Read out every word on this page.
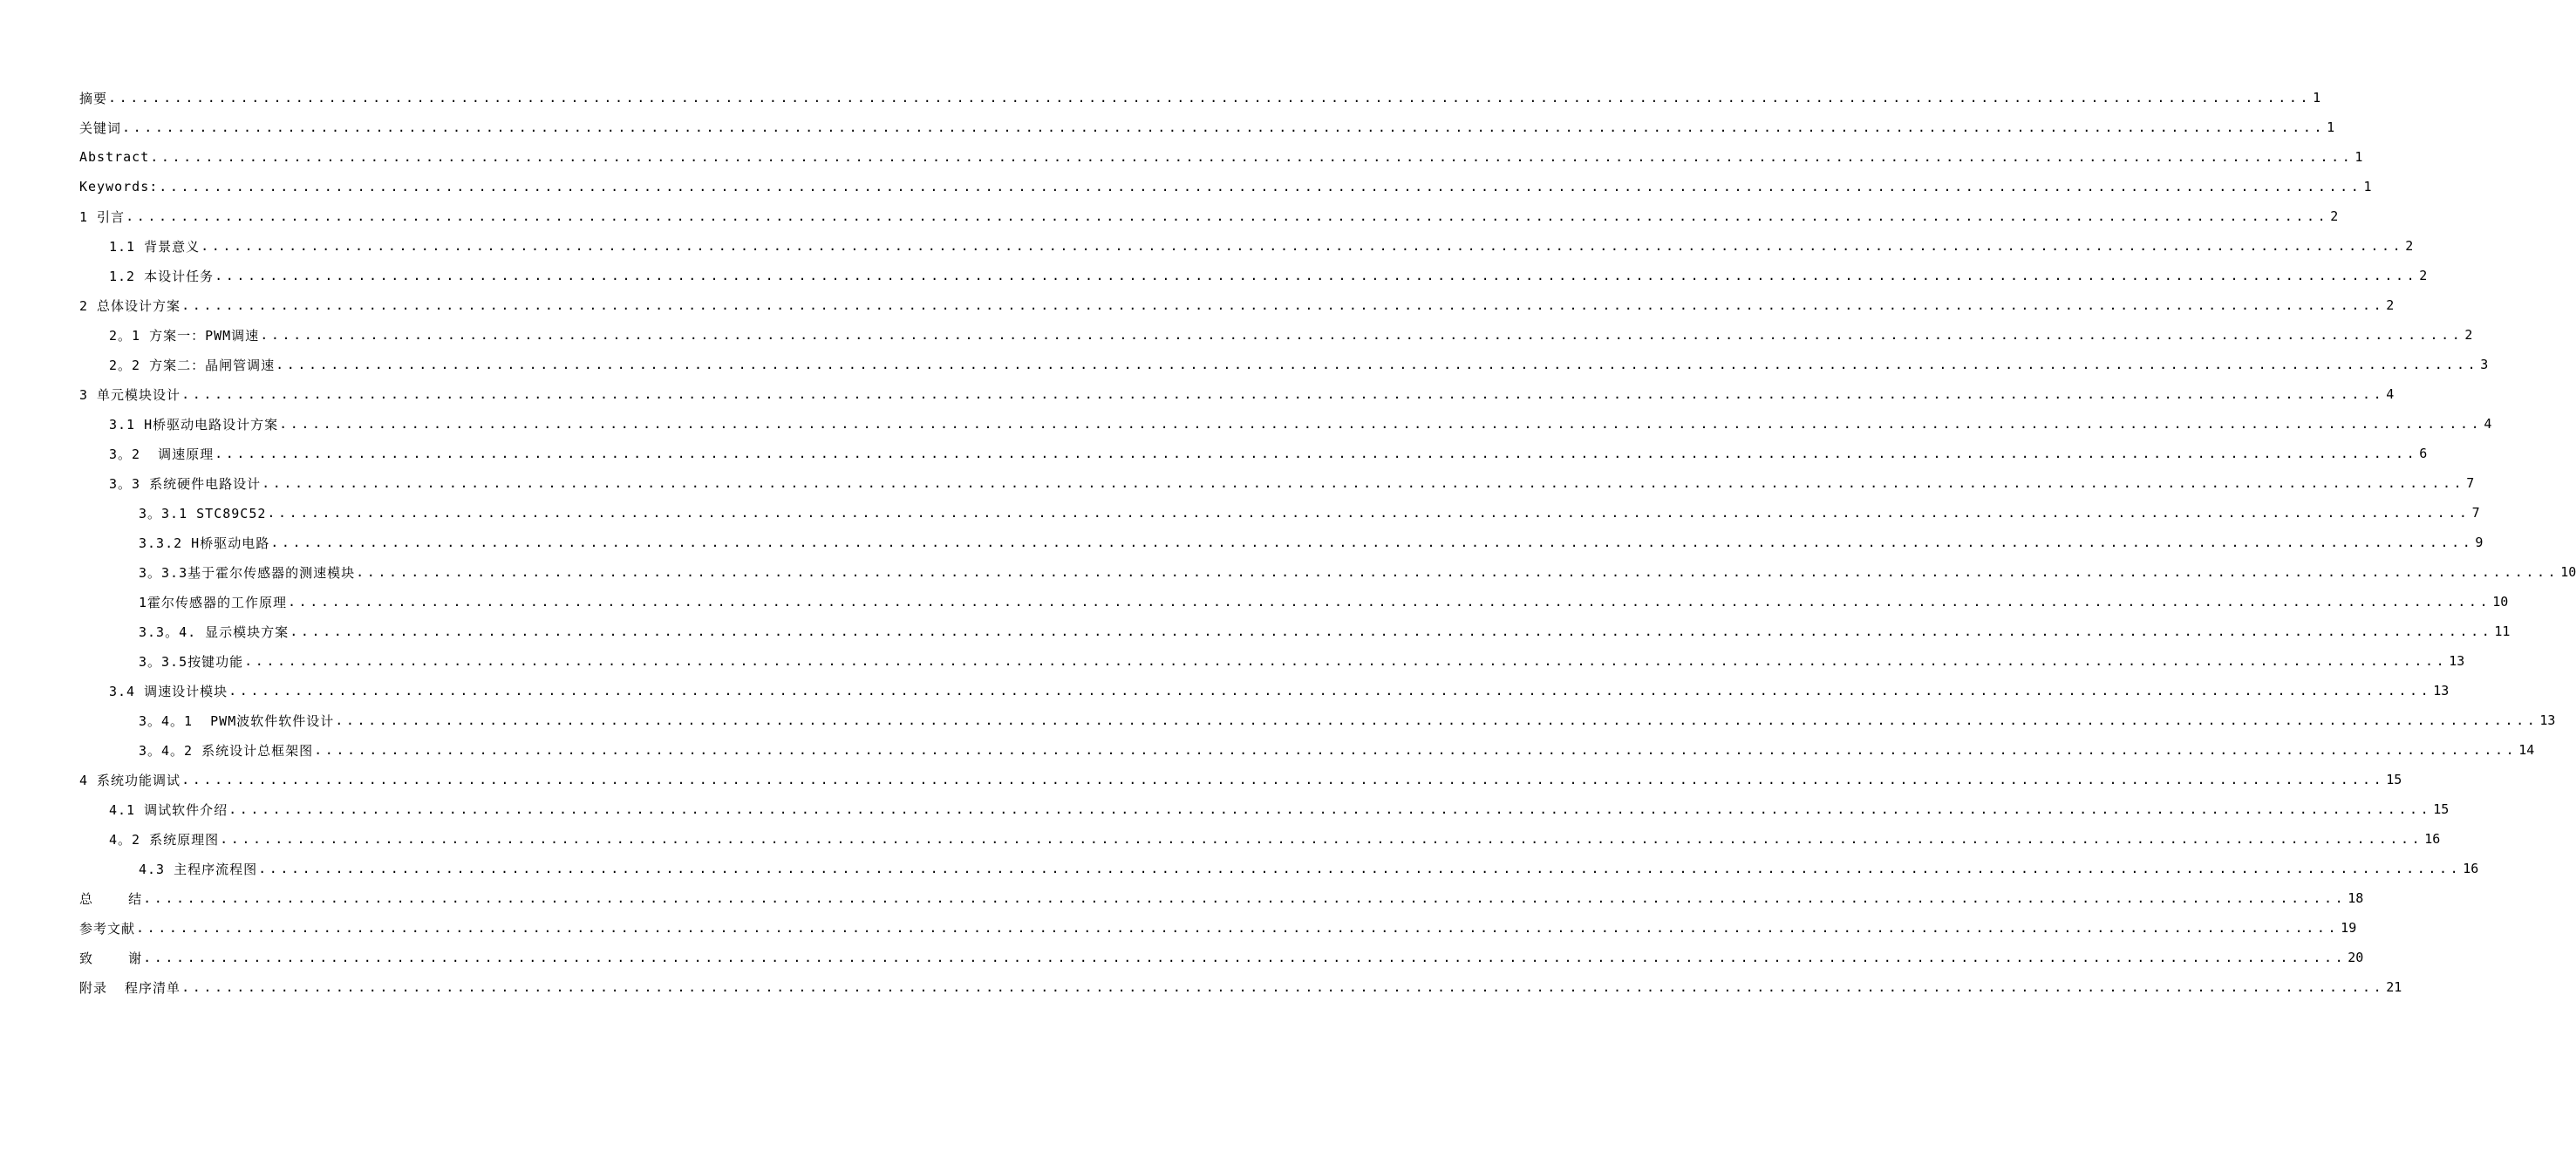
摘要 ........................................................................................................................................................................................................ 1
关键词 ........................................................................................................................................................................................................ 1
Abstract ........................................................................................................................................................................................................ 1
Keywords: ........................................................................................................................................................................................................ 1
1 引言 ........................................................................................................................................................................................................ 2
1.1 背景意义 ........................................................................................................................................................................................................ 2
1.2 本设计任务 ........................................................................................................................................................................................................ 2
2 总体设计方案 ........................................................................................................................................................................................................ 2
2。1 方案一：PWM调速 ........................................................................................................................................................................................................ 2
2。2 方案二：晶闸管调速 ........................................................................................................................................................................................................ 3
3 单元模块设计 ........................................................................................................................................................................................................ 4
3.1 H桥驱动电路设计方案 ........................................................................................................................................................................................................ 4
3。2  调速原理 ........................................................................................................................................................................................................ 6
3。3 系统硬件电路设计 ........................................................................................................................................................................................................ 7
3。3.1 STC89C52 ........................................................................................................................................................................................................ 7
3.3.2 H桥驱动电路 ........................................................................................................................................................................................................ 9
3。3.3基于霍尔传感器的测速模块 ........................................................................................................................................................................................................ 10
1霍尔传感器的工作原理 ........................................................................................................................................................................................................ 10
3.3。4. 显示模块方案 ........................................................................................................................................................................................................ 11
3。3.5按键功能 ........................................................................................................................................................................................................ 13
3.4 调速设计模块 ........................................................................................................................................................................................................ 13
3。4。1  PWM波软件软件设计 ........................................................................................................................................................................................................ 13
3。4。2 系统设计总框架图 ........................................................................................................................................................................................................ 14
4 系统功能调试 ........................................................................................................................................................................................................ 15
4.1 调试软件介绍 ........................................................................................................................................................................................................ 15
4。2 系统原理图 ........................................................................................................................................................................................................ 16
4.3 主程序流程图 ........................................................................................................................................................................................................ 16
总    结 ........................................................................................................................................................................................................ 18
参考文献 ........................................................................................................................................................................................................ 19
致    谢 ........................................................................................................................................................................................................ 20
附录  程序清单 ........................................................................................................................................................................................................ 21
